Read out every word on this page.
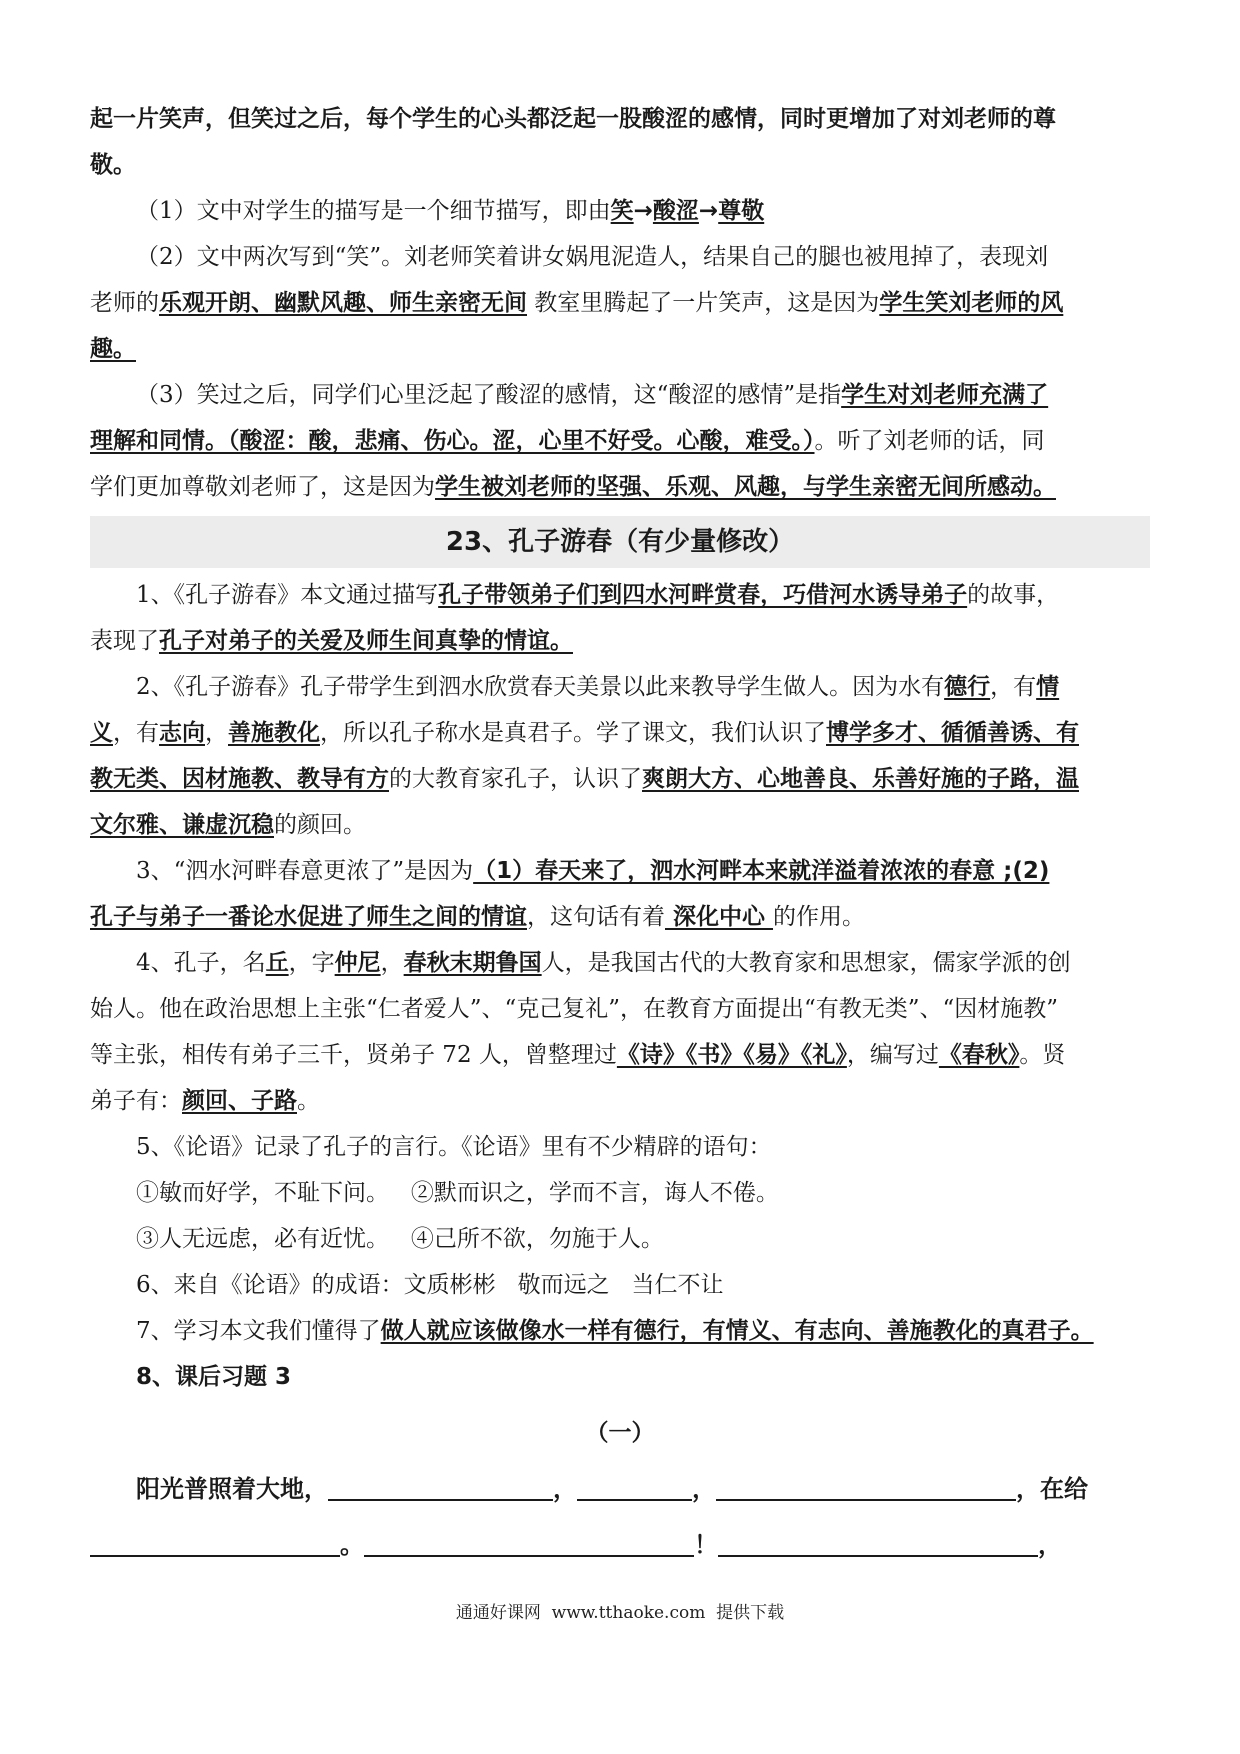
起一片笑声，但笑过之后，每个学生的心头都泛起一股酸涩的感情，同时更增加了对刘老师的尊
敬。
（1）文中对学生的描写是一个细节描写，即由笑→酸涩→尊敬
（2）文中两次写到“笑”。刘老师笑着讲女娲甩泥造人，结果自己的腿也被甩掉了，表现刘
老师的乐观开朗、幽默风趣、师生亲密无间 教室里腾起了一片笑声，这是因为学生笑刘老师的风
趣。
（3）笑过之后，同学们心里泛起了酸涩的感情，这“酸涩的感情”是指学生对刘老师充满了
理解和同情。（酸涩：酸，悲痛、伤心。涩，心里不好受。心酸，难受。）。听了刘老师的话，同
学们更加尊敬刘老师了，这是因为学生被刘老师的坚强、乐观、风趣，与学生亲密无间所感动。
23、孔子游春（有少量修改）
1、《孔子游春》本文通过描写孔子带领弟子们到四水河畔赏春，巧借河水诱导弟子的故事，
表现了孔子对弟子的关爱及师生间真挚的情谊。
2、《孔子游春》孔子带学生到泗水欣赏春天美景以此来教导学生做人。因为水有德行，有情
义，有志向，善施教化，所以孔子称水是真君子。学了课文，我们认识了博学多才、循循善诱、有
教无类、因材施教、教导有方的大教育家孔子，认识了爽朗大方、心地善良、乐善好施的子路，温
文尔雅、谦虚沉稳的颜回。
3、“泗水河畔春意更浓了”是因为（1）春天来了，泗水河畔本来就洋溢着浓浓的春意 ;(2)
孔子与弟子一番论水促进了师生之间的情谊，这句话有着 深化中心 的作用。
4、孔子，名丘，字仲尼，春秋末期鲁国人，是我国古代的大教育家和思想家，儒家学派的创
始人。他在政治思想上主张“仁者爱人”、“克己复礼”，在教育方面提出“有教无类”、“因材施教”
等主张，相传有弟子三千，贤弟子 72 人，曾整理过《诗》《书》《易》《礼》，编写过《春秋》。贤
弟子有：颜回、子路。
5、《论语》记录了孔子的言行。《论语》里有不少精辟的语句：
①敏而好学，不耻下问。   ②默而识之，学而不言，诲人不倦。
③人无远虑，必有近忧。   ④己所不欲，勿施于人。
6、来自《论语》的成语：文质彬彬   敬而远之   当仁不让
7、学习本文我们懂得了做人就应该做像水一样有德行，有情义、有志向、善施教化的真君子。
8、课后习题 3
（一）
阳光普照着大地，	，	，	，在给
。	！	，
通通好课网  www.tthaoke.com  提供下载
